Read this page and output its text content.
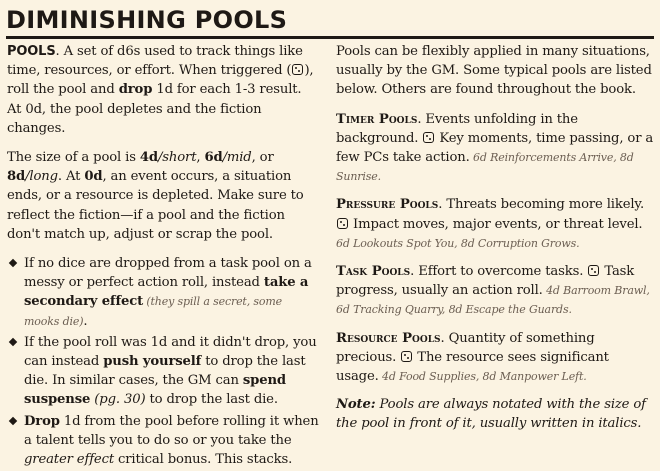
DIMINISHING POOLS

POOLS. A set of d6s used to track things like time, resources, or effort. When triggered ( ), roll the pool and drop 1d for each 1-3 result. At 0d, the pool depletes and the fiction changes.

The size of a pool is 4d/short, 6d/mid, or 8d/long. At 0d, an event occurs, a situation ends, or a resource is depleted. Make sure to reflect the fiction—if a pool and the fiction don't match up, adjust or scrap the pool.

If no dice are dropped from a task pool on a messy or perfect action roll, instead take a secondary effect (they spill a secret, some mooks die).
If the pool roll was 1d and it didn't drop, you can instead push yourself to drop the last die. In similar cases, the GM can spend suspense (pg. 30) to drop the last die.
Drop 1d from the pool before rolling it when a talent tells you to do so or you take the greater effect critical bonus. This stacks.

Pools can be flexibly applied in many situations, usually by the GM. Some typical pools are listed below. Others are found throughout the book.

Timer Pools. Events unfolding in the background.  Key moments, time passing, or a few PCs take action. 6d Reinforcements Arrive, 8d Sunrise.
Pressure Pools. Threats becoming more likely.  Impact moves, major events, or threat level. 6d Lookouts Spot You, 8d Corruption Grows.
Task Pools. Effort to overcome tasks.  Task progress, usually an action roll. 4d Barroom Brawl, 6d Tracking Quarry, 8d Escape the Guards.
Resource Pools. Quantity of something precious.  The resource sees significant usage. 4d Food Supplies, 8d Manpower Left.

Note: Pools are always notated with the size of the pool in front of it, usually written in italics.
